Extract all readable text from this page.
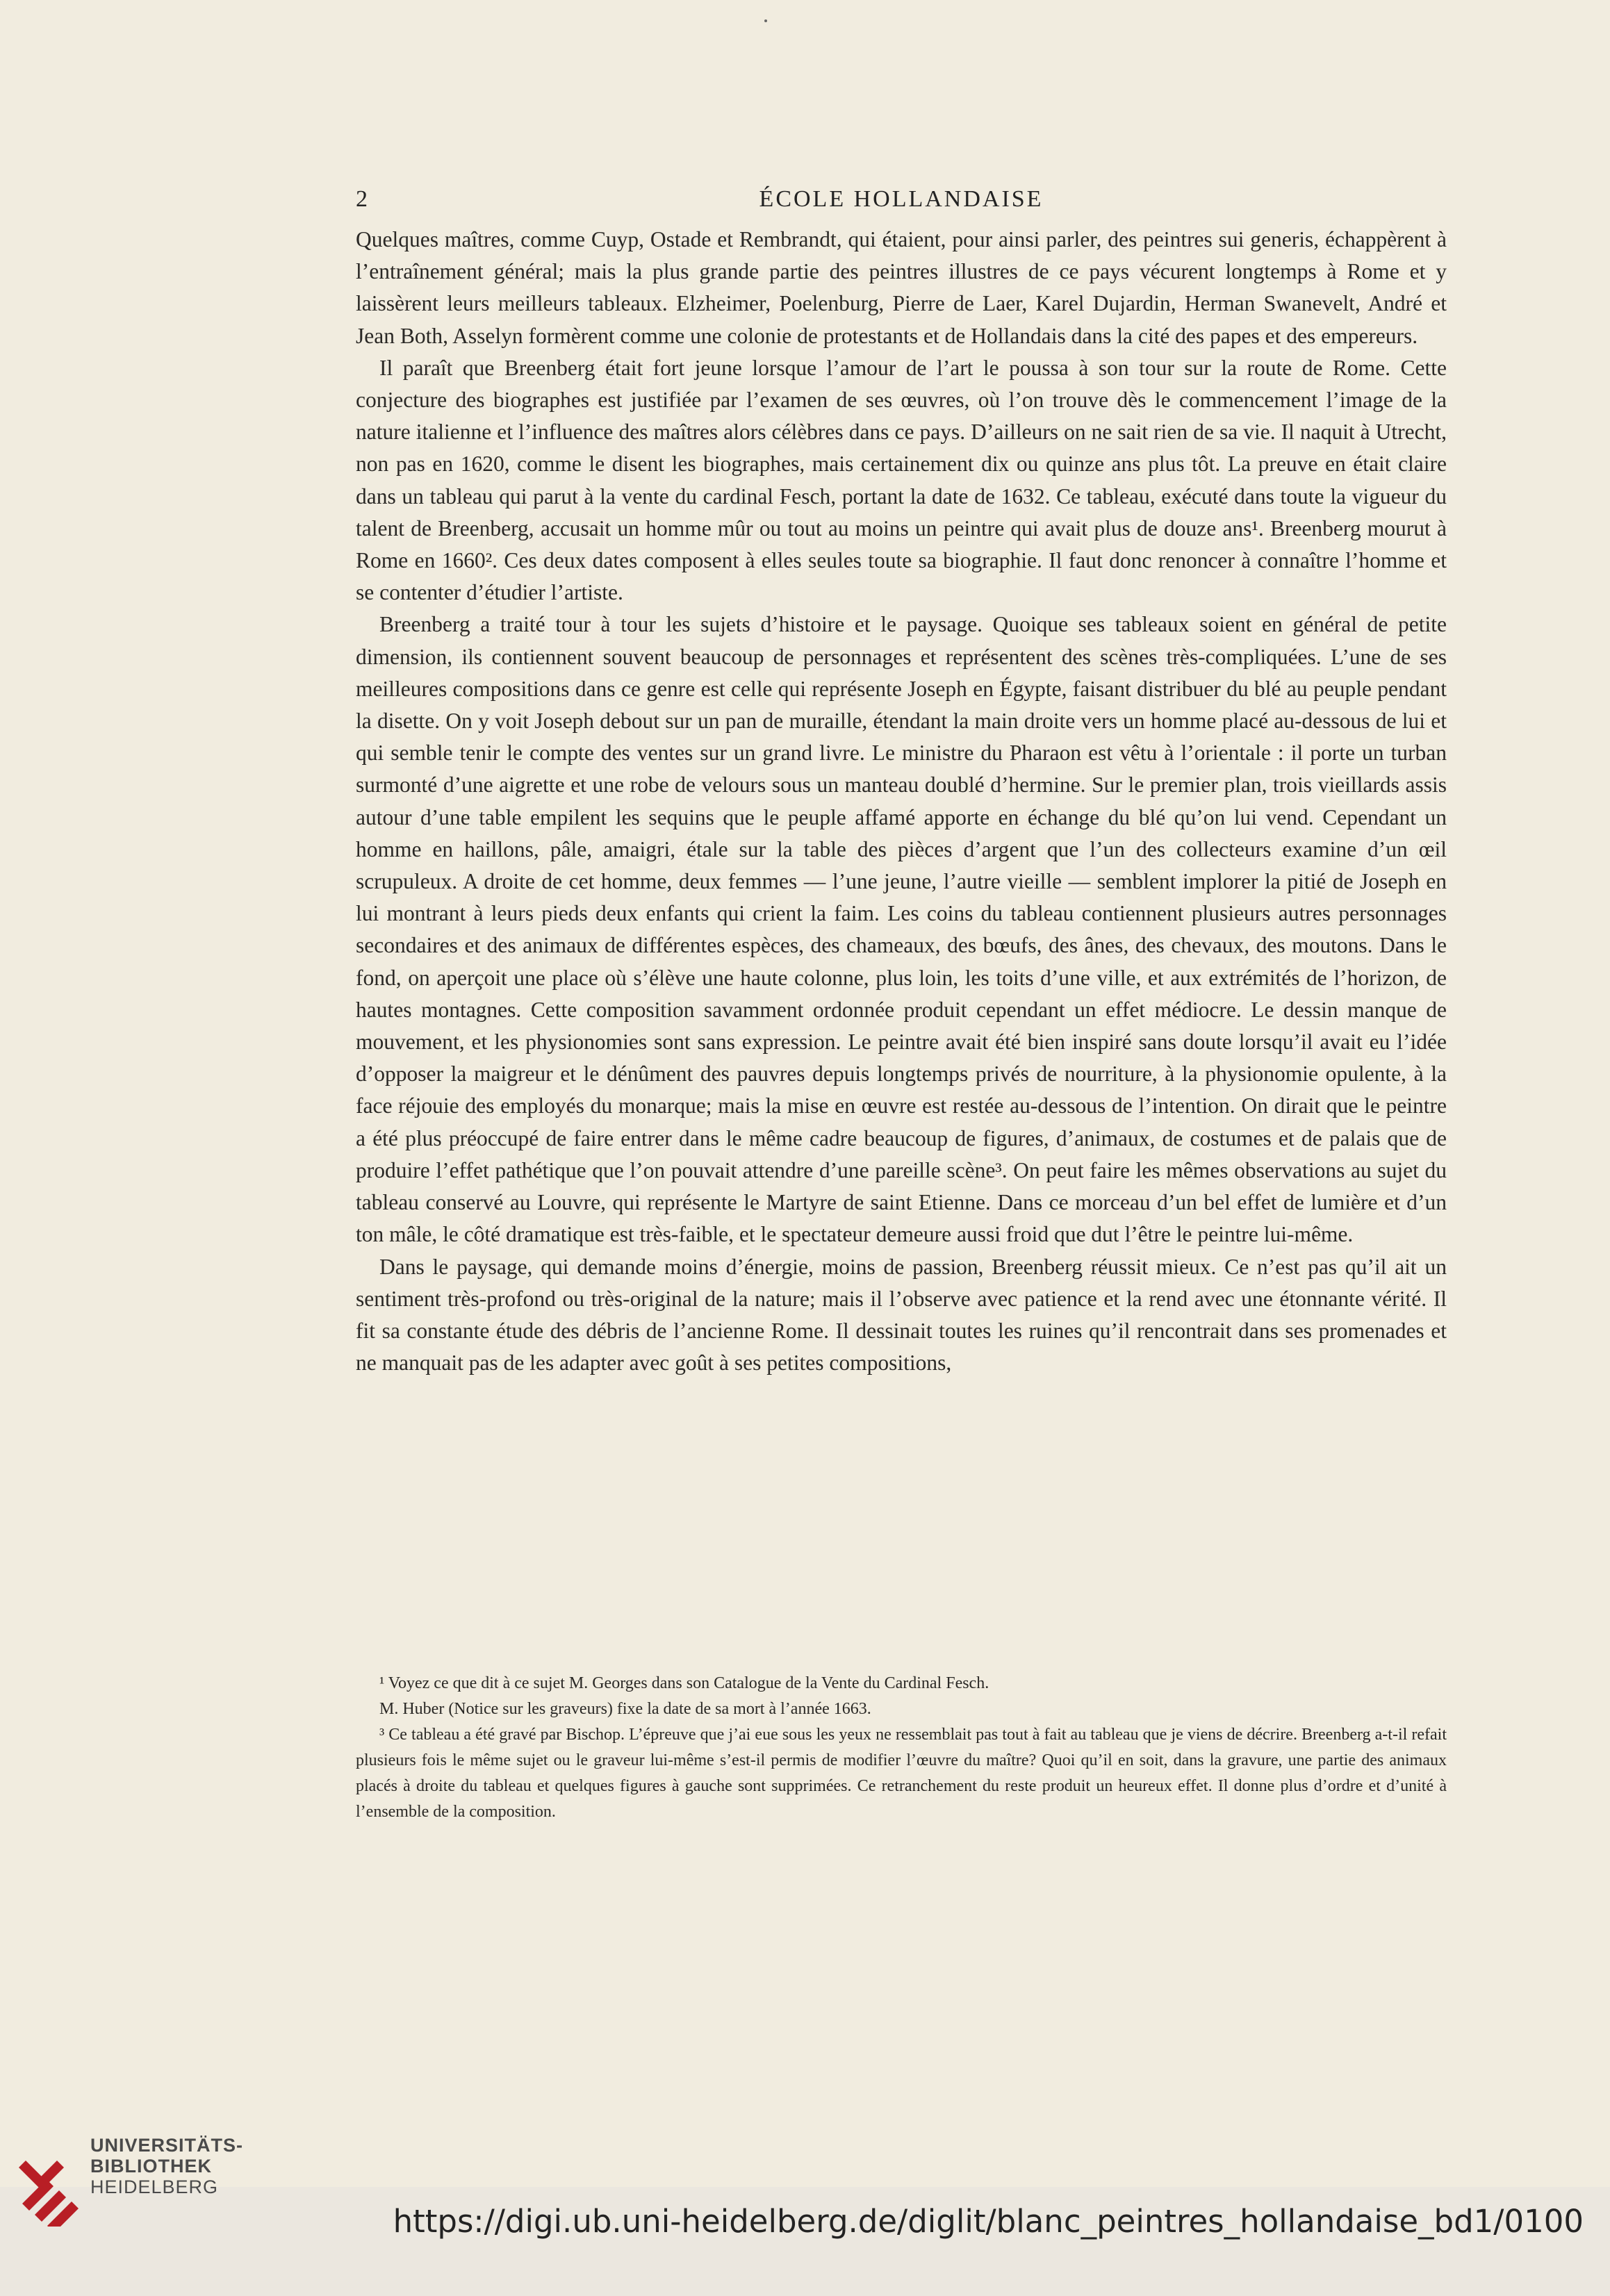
2	ÉCOLE HOLLANDAISE

Quelques maîtres, comme Cuyp, Ostade et Rembrandt, qui étaient, pour ainsi parler, des peintres sui generis, échappèrent à l’entraînement général; mais la plus grande partie des peintres illustres de ce pays vécurent longtemps à Rome et y laissèrent leurs meilleurs tableaux. Elzheimer, Poelenburg, Pierre de Laer, Karel Dujardin, Herman Swanevelt, André et Jean Both, Asselyn formèrent comme une colonie de protestants et de Hollandais dans la cité des papes et des empereurs.

Il paraît que Breenberg était fort jeune lorsque l’amour de l’art le poussa à son tour sur la route de Rome. Cette conjecture des biographes est justifiée par l’examen de ses œuvres, où l’on trouve dès le commencement l’image de la nature italienne et l’influence des maîtres alors célèbres dans ce pays. D’ailleurs on ne sait rien de sa vie. Il naquit à Utrecht, non pas en 1620, comme le disent les biographes, mais certainement dix ou quinze ans plus tôt. La preuve en était claire dans un tableau qui parut à la vente du cardinal Fesch, portant la date de 1632. Ce tableau, exécuté dans toute la vigueur du talent de Breenberg, accusait un homme mûr ou tout au moins un peintre qui avait plus de douze ans¹. Breenberg mourut à Rome en 1660². Ces deux dates composent à elles seules toute sa biographie. Il faut donc renoncer à connaître l’homme et se contenter d’étudier l’artiste.

Breenberg a traité tour à tour les sujets d’histoire et le paysage. Quoique ses tableaux soient en général de petite dimension, ils contiennent souvent beaucoup de personnages et représentent des scènes très-compliquées. L’une de ses meilleures compositions dans ce genre est celle qui représente Joseph en Égypte, faisant distribuer du blé au peuple pendant la disette. On y voit Joseph debout sur un pan de muraille, étendant la main droite vers un homme placé au-dessous de lui et qui semble tenir le compte des ventes sur un grand livre. Le ministre du Pharaon est vêtu à l’orientale : il porte un turban surmonté d’une aigrette et une robe de velours sous un manteau doublé d’hermine. Sur le premier plan, trois vieillards assis autour d’une table empilent les sequins que le peuple affamé apporte en échange du blé qu’on lui vend. Cependant un homme en haillons, pâle, amaigri, étale sur la table des pièces d’argent que l’un des collecteurs examine d’un œil scrupuleux. A droite de cet homme, deux femmes — l’une jeune, l’autre vieille — semblent implorer la pitié de Joseph en lui montrant à leurs pieds deux enfants qui crient la faim. Les coins du tableau contiennent plusieurs autres personnages secondaires et des animaux de différentes espèces, des chameaux, des bœufs, des ânes, des chevaux, des moutons. Dans le fond, on aperçoit une place où s’élève une haute colonne, plus loin, les toits d’une ville, et aux extrémités de l’horizon, de hautes montagnes. Cette composition savamment ordonnée produit cependant un effet médiocre. Le dessin manque de mouvement, et les physionomies sont sans expression. Le peintre avait été bien inspiré sans doute lorsqu’il avait eu l’idée d’opposer la maigreur et le dénûment des pauvres depuis longtemps privés de nourriture, à la physionomie opulente, à la face réjouie des employés du monarque; mais la mise en œuvre est restée au-dessous de l’intention. On dirait que le peintre a été plus préoccupé de faire entrer dans le même cadre beaucoup de figures, d’animaux, de costumes et de palais que de produire l’effet pathétique que l’on pouvait attendre d’une pareille scène³. On peut faire les mêmes observations au sujet du tableau conservé au Louvre, qui représente le Martyre de saint Etienne. Dans ce morceau d’un bel effet de lumière et d’un ton mâle, le côté dramatique est très-faible, et le spectateur demeure aussi froid que dut l’être le peintre lui-même.

Dans le paysage, qui demande moins d’énergie, moins de passion, Breenberg réussit mieux. Ce n’est pas qu’il ait un sentiment très-profond ou très-original de la nature; mais il l’observe avec patience et la rend avec une étonnante vérité. Il fit sa constante étude des débris de l’ancienne Rome. Il dessinait toutes les ruines qu’il rencontrait dans ses promenades et ne manquait pas de les adapter avec goût à ses petites compositions,

¹ Voyez ce que dit à ce sujet M. Georges dans son Catalogue de la Vente du Cardinal Fesch.

M. Huber (Notice sur les graveurs) fixe la date de sa mort à l’année 1663.

³ Ce tableau a été gravé par Bischop. L’épreuve que j’ai eue sous les yeux ne ressemblait pas tout à fait au tableau que je viens de décrire. Breenberg a-t-il refait plusieurs fois le même sujet ou le graveur lui-même s’est-il permis de modifier l’œuvre du maître? Quoi qu’il en soit, dans la gravure, une partie des animaux placés à droite du tableau et quelques figures à gauche sont supprimées. Ce retranchement du reste produit un heureux effet. Il donne plus d’ordre et d’unité à l’ensemble de la composition.

UNIVERSITÄTS-
BIBLIOTHEK
HEIDELBERG
https://digi.ub.uni-heidelberg.de/diglit/blanc_peintres_hollandaise_bd1/0100
